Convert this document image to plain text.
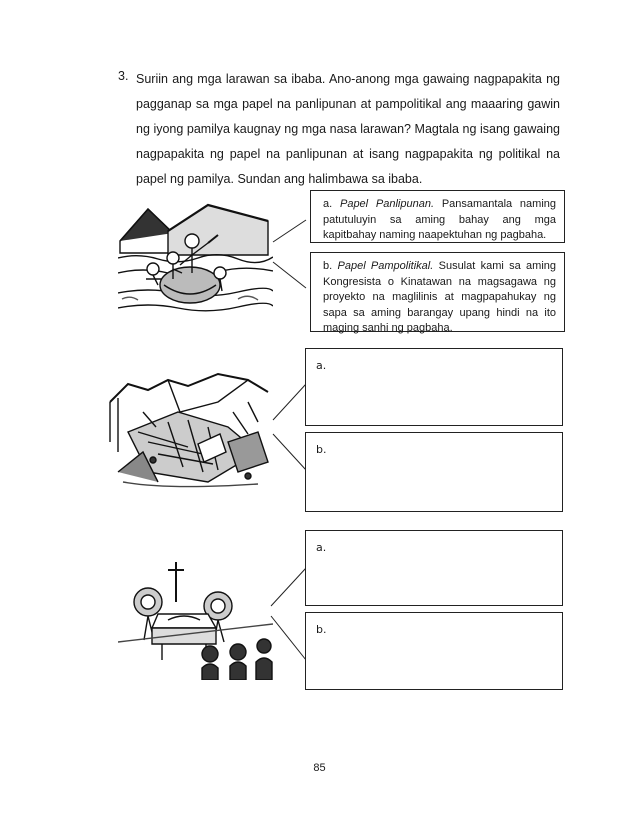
3. Suriin ang mga larawan sa ibaba. Ano-anong mga gawaing nagpapakita ng pagganap sa mga papel na panlipunan at pampolitikal ang maaaring gawin ng iyong pamilya kaugnay ng mga nasa larawan? Magtala ng isang gawaing nagpapakita ng papel na panlipunan at isang nagpapakita ng politikal na papel ng pamilya. Sundan ang halimbawa sa ibaba.
a. Papel Panlipunan. Pansamantala naming patutuluyin sa aming bahay ang mga kapitbahay naming naapektuhan ng pagbaha.
b. Papel Pampolitikal. Susulat kami sa aming Kongresista o Kinatawan na magsagawa ng proyekto na maglilinis at magpapahukay ng sapa sa aming barangay upang hindi na ito maging sanhi ng pagbaha.
a.
b.
a.
b.
85
